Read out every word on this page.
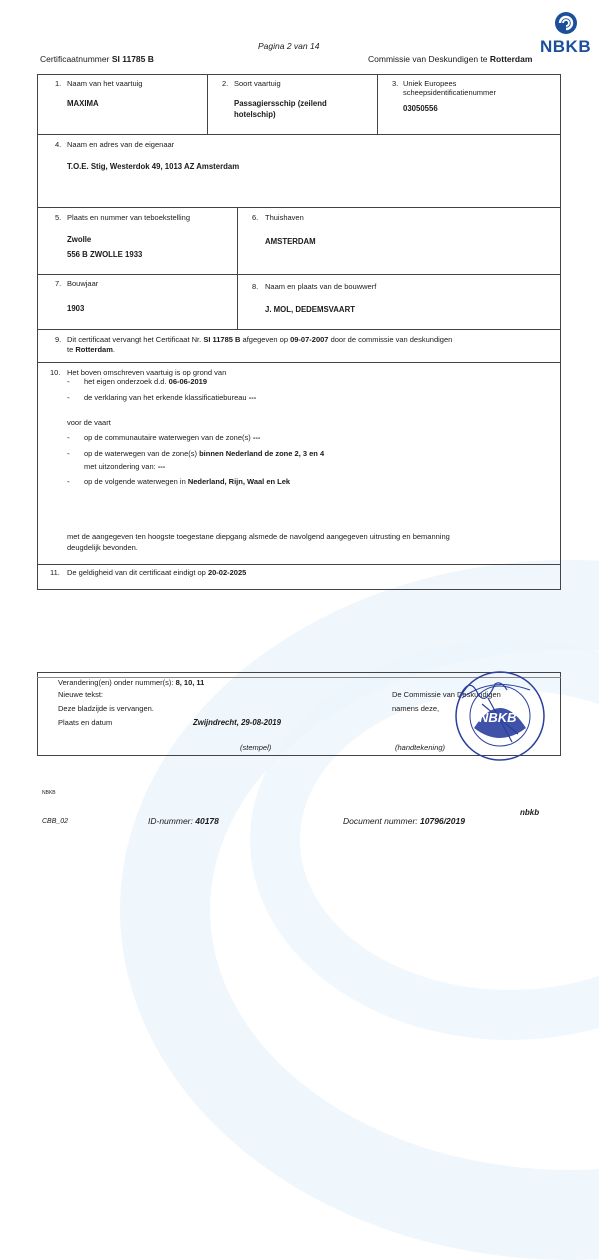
Pagina 2 van 14
Certificaatnummer SI 11785 B	Commissie van Deskundigen te Rotterdam
NBKB
1. Naam van het vaartuig
MAXIMA
2. Soort vaartuig
Passagiersschip (zeilend
hotelschip)
3. Uniek Europees
scheepsidentificatienummer
03050556
4. Naam en adres van de eigenaar
T.O.E. Stig, Westerdok 49, 1013 AZ Amsterdam
5. Plaats en nummer van teboekstelling
Zwolle
556 B ZWOLLE 1933
6. Thuishaven
AMSTERDAM
7. Bouwjaar
1903
8. Naam en plaats van de bouwwerf
J. MOL, DEDEMSVAART
9. Dit certificaat vervangt het Certificaat Nr. SI 11785 B afgegeven op 09-07-2007 door de commissie van deskundigen
te Rotterdam.
10. Het boven omschreven vaartuig is op grond van
- het eigen onderzoek d.d. 06-06-2019
- de verklaring van het erkende klassificatiebureau ---
voor de vaart
- op de communautaire waterwegen van de zone(s) ---
- op de waterwegen van de zone(s) binnen Nederland de zone 2, 3 en 4
met uitzondering van: ---
- op de volgende waterwegen in Nederland, Rijn, Waal en Lek
met de aangegeven ten hoogste toegestane diepgang alsmede de navolgend aangegeven uitrusting en bemanning
deugdelijk bevonden.
11. De geldigheid van dit certificaat eindigt op 20-02-2025
Verandering(en) onder nummer(s): 8, 10, 11
Nieuwe tekst:
Deze bladzijde is vervangen.
Plaats en datum	Zwijndrecht, 29-08-2019
De Commissie van Deskundigen
namens deze,
(stempel)	(handtekening)
NBKB
NBKB
CBB_02	ID-nummer: 40178	Document nummer: 10796/2019
nbkb
